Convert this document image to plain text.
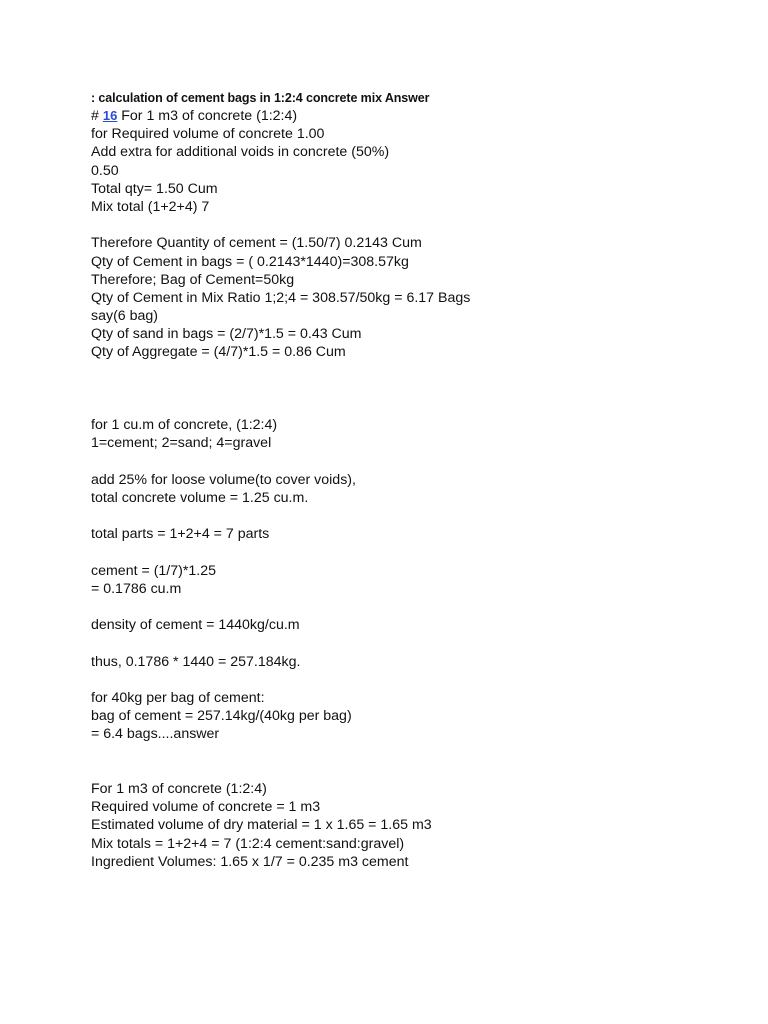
: calculation of cement bags in 1:2:4 concrete mix Answer
# 16 For 1 m3 of concrete (1:2:4)
for Required volume of concrete 1.00
Add extra for additional voids in concrete (50%)
0.50
Total qty= 1.50 Cum
Mix total (1+2+4) 7
Therefore Quantity of cement = (1.50/7) 0.2143 Cum
Qty of Cement in bags = ( 0.2143*1440)=308.57kg
Therefore; Bag of Cement=50kg
Qty of Cement in Mix Ratio 1;2;4 = 308.57/50kg = 6.17 Bags
say(6 bag)
Qty of sand in bags = (2/7)*1.5 = 0.43 Cum
Qty of Aggregate = (4/7)*1.5 = 0.86 Cum
for 1 cu.m of concrete, (1:2:4)
1=cement; 2=sand; 4=gravel
add 25% for loose volume(to cover voids),
total concrete volume = 1.25 cu.m.
total parts = 1+2+4 = 7 parts
cement = (1/7)*1.25
= 0.1786 cu.m
density of cement = 1440kg/cu.m
thus, 0.1786 * 1440 = 257.184kg.
for 40kg per bag of cement:
bag of cement = 257.14kg/(40kg per bag)
= 6.4 bags....answer
For 1 m3 of concrete (1:2:4)
Required volume of concrete = 1 m3
Estimated volume of dry material = 1 x 1.65 = 1.65 m3
Mix totals = 1+2+4 = 7 (1:2:4 cement:sand:gravel)
Ingredient Volumes: 1.65 x 1/7 = 0.235 m3 cement
